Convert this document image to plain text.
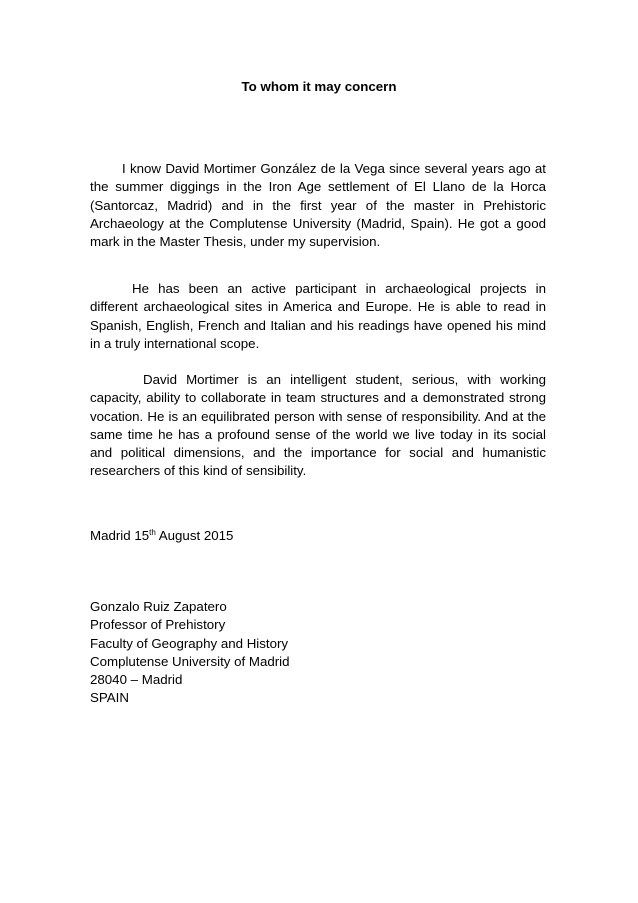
To whom it may concern

I know David Mortimer González de la Vega since several years ago at the summer diggings in the Iron Age settlement of El Llano de la Horca (Santorcaz, Madrid) and in the first year of the master in Prehistoric Archaeology at the Complutense University (Madrid, Spain). He got a good mark in the Master Thesis, under my supervision.

He has been an active participant in archaeological projects in different archaeological sites in America and Europe. He is able to read in Spanish, English, French and Italian and his readings have opened his mind in a truly international scope.

David Mortimer is an intelligent student, serious, with working capacity, ability to collaborate in team structures and a demonstrated strong vocation. He is an equilibrated person with sense of responsibility. And at the same time he has a profound sense of the world we live today in its social and political dimensions, and the importance for social and humanistic researchers of this kind of sensibility.

Madrid 15th August 2015
Gonzalo Ruiz Zapatero
Professor of Prehistory
Faculty of Geography and History
Complutense University of Madrid
28040 – Madrid
SPAIN
